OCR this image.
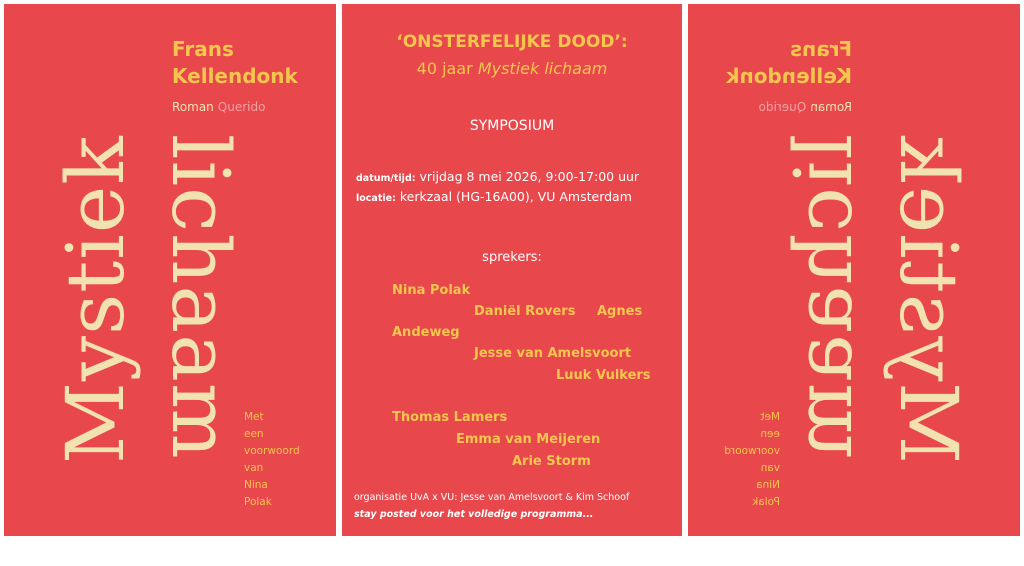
Mystiek lichaam
Frans
Kellendonk
Roman Querido
Met
een
voorwoord
van
Nina
Polak
‘ONSTERFELIJKE DOOD’:
40 jaar Mystiek lichaam
SYMPOSIUM
datum/tijd: vrijdag 8 mei 2026, 9:00-17:00 uur
locatie: kerkzaal (HG-16A00), VU Amsterdam
sprekers:
Nina Polak
Daniël Rovers Agnes
Andeweg
Jesse van Amelsvoort
Luuk Vulkers
Thomas Lamers
Emma van Meijeren
Arie Storm
organisatie UvA x VU: Jesse van Amelsvoort & Kim Schoof
stay posted voor het volledige programma...
Mystiek
lichaam
Frans
Kellendonk
RomanQuerido
Met
een
voorwoord
van
Nina
Polak
